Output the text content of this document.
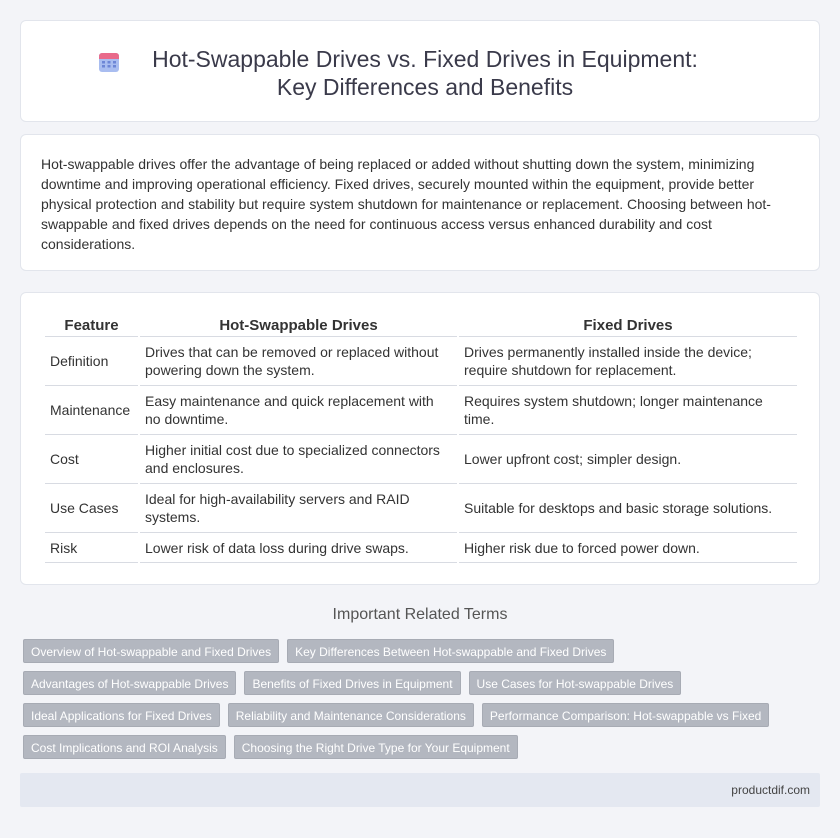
Hot-Swappable Drives vs. Fixed Drives in Equipment: Key Differences and Benefits

Hot-swappable drives offer the advantage of being replaced or added without shutting down the system, minimizing downtime and improving operational efficiency. Fixed drives, securely mounted within the equipment, provide better physical protection and stability but require system shutdown for maintenance or replacement. Choosing between hot-swappable and fixed drives depends on the need for continuous access versus enhanced durability and cost considerations.

Feature	Hot-Swappable Drives	Fixed Drives
Definition	Drives that can be removed or replaced without powering down the system.	Drives permanently installed inside the device; require shutdown for replacement.
Maintenance	Easy maintenance and quick replacement with no downtime.	Requires system shutdown; longer maintenance time.
Cost	Higher initial cost due to specialized connectors and enclosures.	Lower upfront cost; simpler design.
Use Cases	Ideal for high-availability servers and RAID systems.	Suitable for desktops and basic storage solutions.
Risk	Lower risk of data loss during drive swaps.	Higher risk due to forced power down.
Important Related Terms
Overview of Hot-swappable and Fixed Drives	Key Differences Between Hot-swappable and Fixed Drives
Advantages of Hot-swappable Drives	Benefits of Fixed Drives in Equipment	Use Cases for Hot-swappable Drives
Ideal Applications for Fixed Drives	Reliability and Maintenance Considerations	Performance Comparison: Hot-swappable vs Fixed
Cost Implications and ROI Analysis	Choosing the Right Drive Type for Your Equipment
productdif.com
